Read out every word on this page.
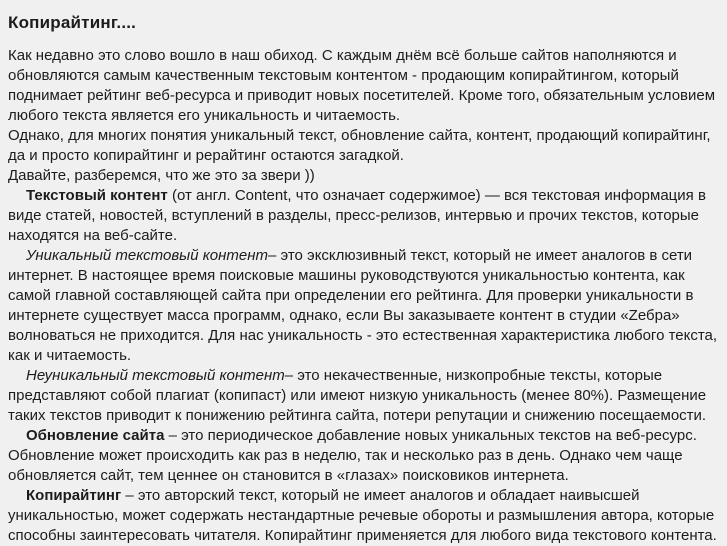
Копирайтинг....

Как недавно это слово вошло в наш обиход. С каждым днём всё больше сайтов наполняются и обновляются самым качественным текстовым контентом - продающим копирайтингом, который поднимает рейтинг веб-ресурса и приводит новых посетителей. Кроме того, обязательным условием любого текста является его уникальность и читаемость.

Однако, для многих понятия уникальный текст, обновление сайта, контент, продающий копирайтинг, да и просто копирайтинг и рерайтинг остаются загадкой.

Давайте, разберемся, что же это за звери ))

Текстовый контент (от англ. Content, что означает содержимое) — вся текстовая информация в виде статей, новостей, вступлений в разделы, пресс-релизов, интервью и прочих текстов, которые находятся на веб-сайте.

Уникальный текстовый контент– это эксклюзивный текст, который не имеет аналогов в сети интернет. В настоящее время поисковые машины руководствуются уникальностью контента, как самой главной составляющей сайта при определении его рейтинга. Для проверки уникальности в интернете существует масса программ, однако, если Вы заказываете контент в студии «Zебра» волноваться не приходится. Для нас уникальность - это естественная характеристика любого текста, как и читаемость.

Неуникальный текстовый контент– это некачественные, низкопробные тексты, которые представляют собой плагиат (копипаст) или имеют низкую уникальность (менее 80%). Размещение таких текстов приводит к понижению рейтинга сайта, потери репутации и снижению посещаемости.

Обновление сайта – это периодическое добавление новых уникальных текстов на веб-ресурс. Обновление может происходить как раз в неделю, так и несколько раз в день. Однако чем чаще обновляется сайт, тем ценнее он становится в «глазах» поисковиков интернета.

Копирайтинг – это авторский текст, который не имеет аналогов и обладает наивысшей уникальностью, может содержать нестандартные речевые обороты и размышления автора, которые способны заинтересовать читателя. Копирайтинг применяется для любого вида текстового контента.
